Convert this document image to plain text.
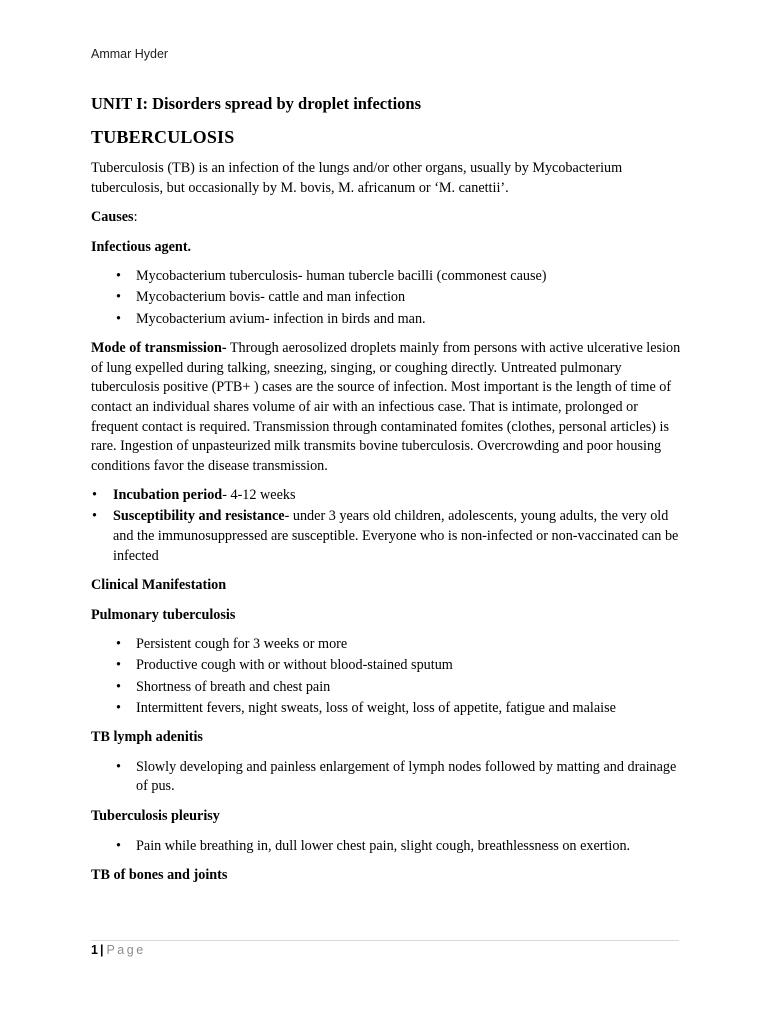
Ammar Hyder
UNIT I: Disorders spread by droplet infections
TUBERCULOSIS

Tuberculosis (TB) is an infection of the lungs and/or other organs, usually by Mycobacterium tuberculosis, but occasionally by M. bovis, M. africanum or ‘M. canettii’.

Causes:

Infectious agent.

• Mycobacterium tuberculosis- human tubercle bacilli (commonest cause)
• Mycobacterium bovis- cattle and man infection
• Mycobacterium avium- infection in birds and man.

Mode of transmission- Through aerosolized droplets mainly from persons with active ulcerative lesion of lung expelled during talking, sneezing, singing, or coughing directly. Untreated pulmonary tuberculosis positive (PTB+ ) cases are the source of infection. Most important is the length of time of contact an individual shares volume of air with an infectious case. That is intimate, prolonged or frequent contact is required. Transmission through contaminated fomites (clothes, personal articles) is rare. Ingestion of unpasteurized milk transmits bovine tuberculosis. Overcrowding and poor housing conditions favor the disease transmission.

• Incubation period- 4-12 weeks
• Susceptibility and resistance- under 3 years old children, adolescents, young adults, the very old and the immunosuppressed are susceptible. Everyone who is non-infected or non-vaccinated can be infected

Clinical Manifestation

Pulmonary tuberculosis

• Persistent cough for 3 weeks or more
• Productive cough with or without blood-stained sputum
• Shortness of breath and chest pain
• Intermittent fevers, night sweats, loss of weight, loss of appetite, fatigue and malaise

TB lymph adenitis

• Slowly developing and painless enlargement of lymph nodes followed by matting and drainage of pus.

Tuberculosis pleurisy

• Pain while breathing in, dull lower chest pain, slight cough, breathlessness on exertion.

TB of bones and joints

1 | Page
